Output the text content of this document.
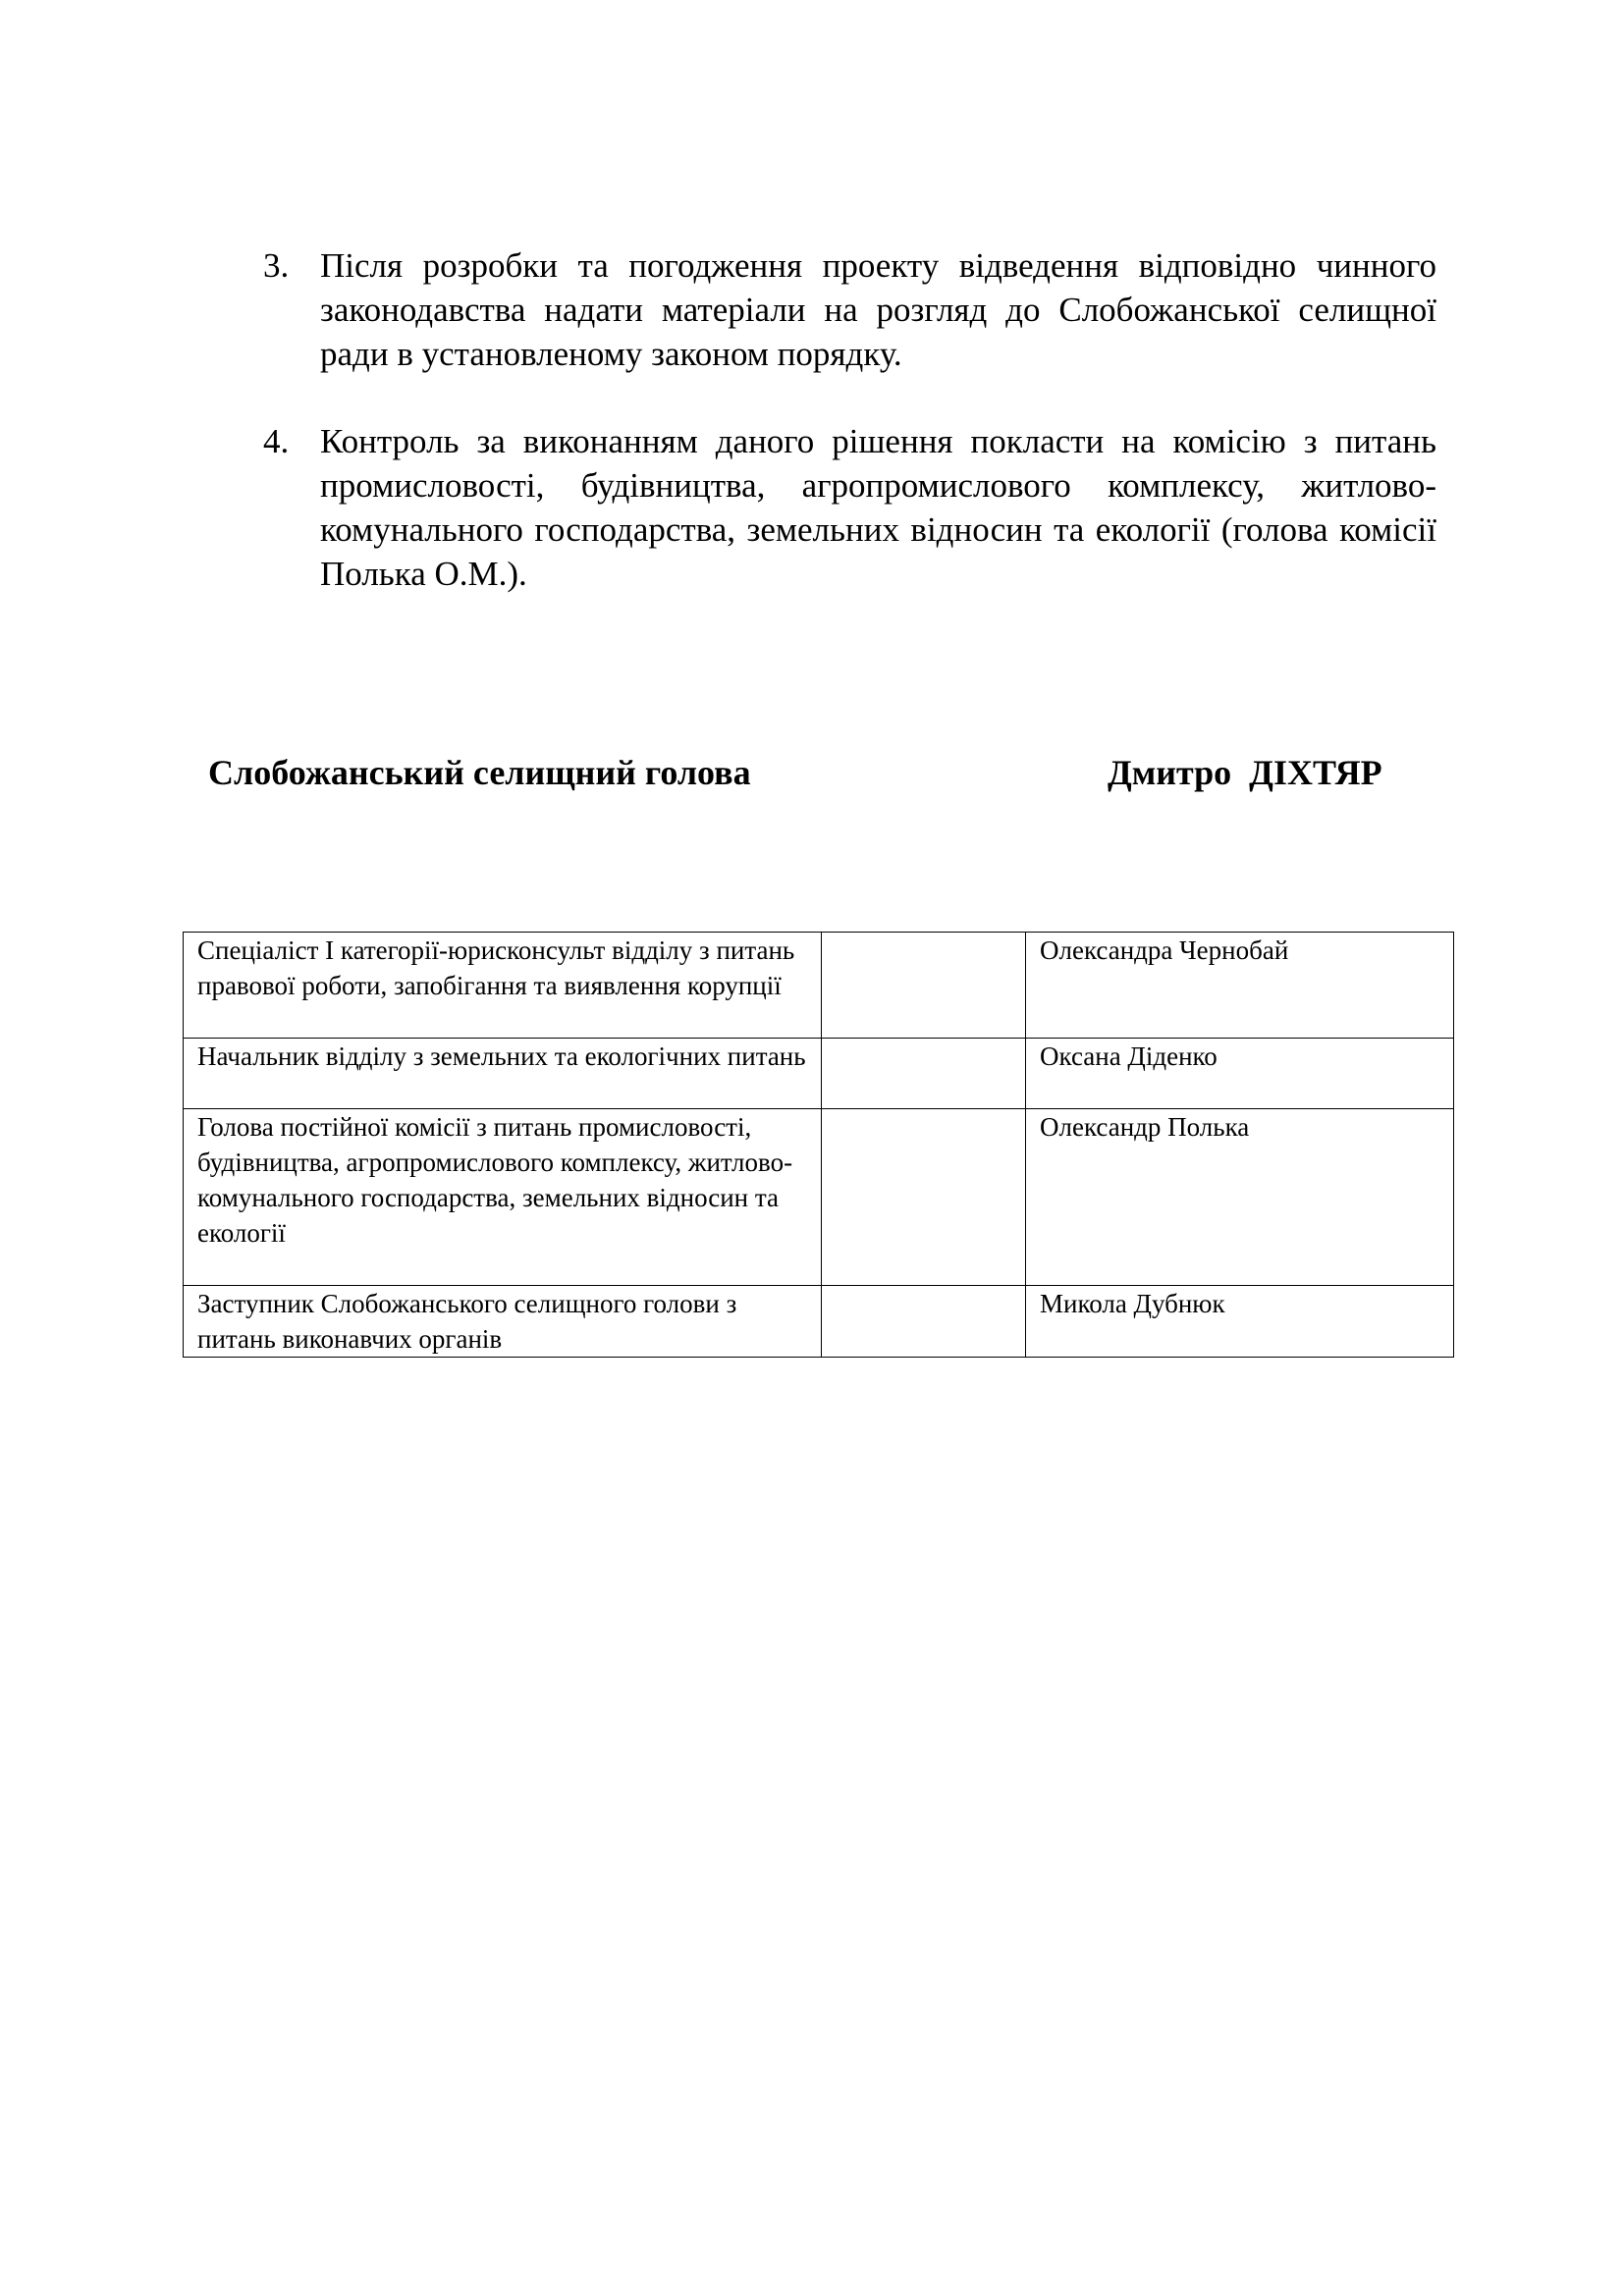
3. Після розробки та погодження проекту відведення відповідно чинного законодавства надати матеріали на розгляд до Слобожанської селищної ради в установленому законом порядку.
4. Контроль за виконанням даного рішення покласти на комісію з питань промисловості, будівництва, агропромислового комплексу, житлово-комунального господарства, земельних відносин та екології (голова комісії Полька О.М.).
Слобожанський селищний голова	Дмитро  ДІХТЯР
Спеціаліст І категорії-юрисконсульт відділу з питань правової роботи, запобігання та виявлення корупції		Олександра Чернобай
Начальник відділу з земельних та екологічних питань		Оксана Діденко
Голова постійної комісії з питань промисловості, будівництва, агропромислового комплексу, житлово-комунального господарства, земельних відносин та екології		Олександр Полька
Заступник Слобожанського селищного голови з питань виконавчих органів		Микола Дубнюк
